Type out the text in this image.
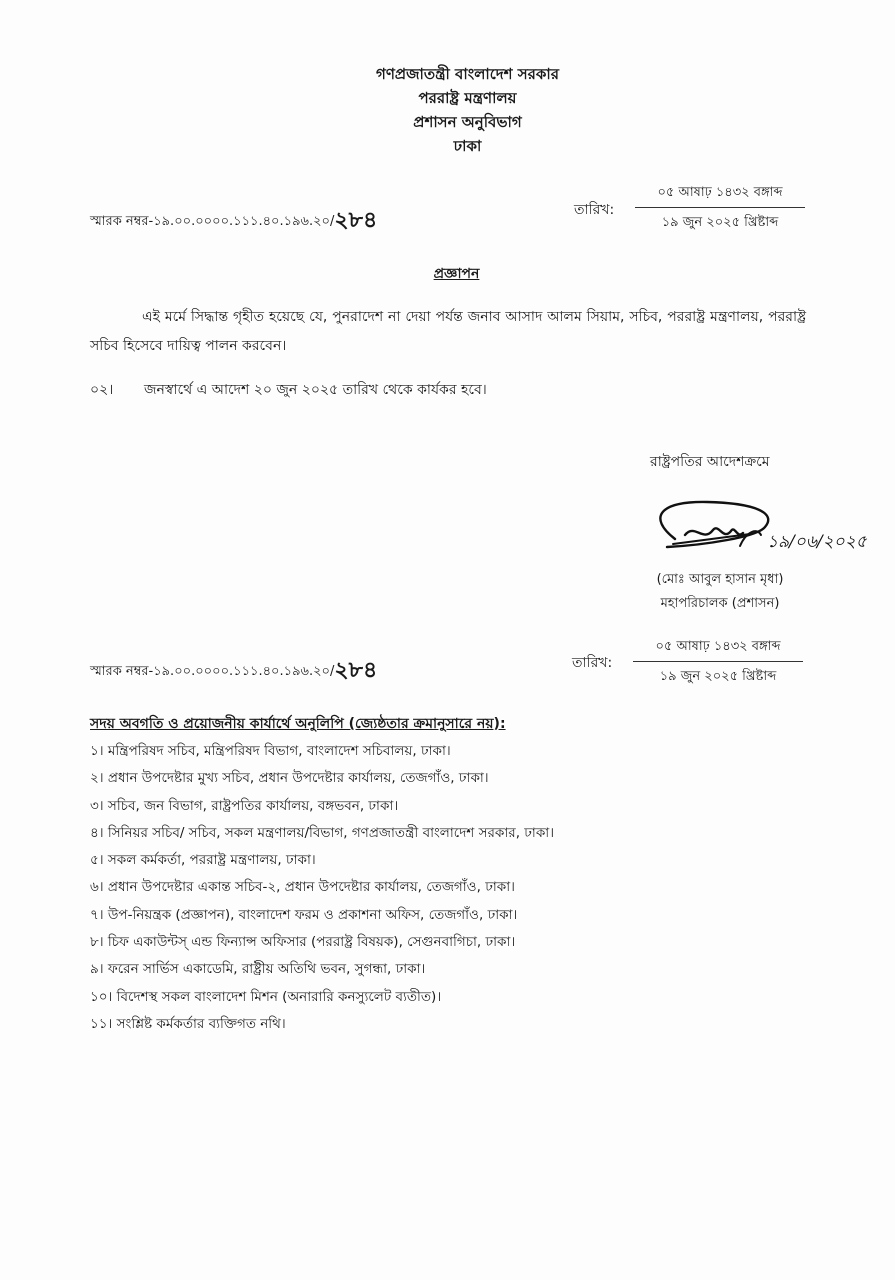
গণপ্রজাতন্ত্রী বাংলাদেশ সরকার
পররাষ্ট্র মন্ত্রণালয়
প্রশাসন অনুবিভাগ
ঢাকা
স্মারক নম্বর-১৯.০০.০০০০.১১১.৪০.১৯৬.২০/২৮৪	তারিখ:
০৫ আষাঢ় ১৪৩২ বঙ্গাব্দ
১৯ জুন ২০২৫ খ্রিষ্টাব্দ
প্রজ্ঞাপন
এই মর্মে সিদ্ধান্ত গৃহীত হয়েছে যে, পুনরাদেশ না দেয়া পর্যন্ত জনাব আসাদ আলম সিয়াম, সচিব, পররাষ্ট্র মন্ত্রণালয়, পররাষ্ট্র সচিব হিসেবে দায়িত্ব পালন করবেন।
০২। জনস্বার্থে এ আদেশ ২০ জুন ২০২৫ তারিখ থেকে কার্যকর হবে।
রাষ্ট্রপতির আদেশক্রমে
১৯/০৬/২০২৫
(মোঃ আবুল হাসান মৃধা)
মহাপরিচালক (প্রশাসন)
স্মারক নম্বর-১৯.০০.০০০০.১১১.৪০.১৯৬.২০/২৮৪	তারিখ:
০৫ আষাঢ় ১৪৩২ বঙ্গাব্দ
১৯ জুন ২০২৫ খ্রিষ্টাব্দ
সদয় অবগতি ও প্রয়োজনীয় কার্যার্থে অনুলিপি (জ্যেষ্ঠতার ক্রমানুসারে নয়):
১। মন্ত্রিপরিষদ সচিব, মন্ত্রিপরিষদ বিভাগ, বাংলাদেশ সচিবালয়, ঢাকা।
২। প্রধান উপদেষ্টার মুখ্য সচিব, প্রধান উপদেষ্টার কার্যালয়, তেজগাঁও, ঢাকা।
৩। সচিব, জন বিভাগ, রাষ্ট্রপতির কার্যালয়, বঙ্গভবন, ঢাকা।
৪। সিনিয়র সচিব/ সচিব, সকল মন্ত্রণালয়/বিভাগ, গণপ্রজাতন্ত্রী বাংলাদেশ সরকার, ঢাকা।
৫। সকল কর্মকর্তা, পররাষ্ট্র মন্ত্রণালয়, ঢাকা।
৬। প্রধান উপদেষ্টার একান্ত সচিব-২, প্রধান উপদেষ্টার কার্যালয়, তেজগাঁও, ঢাকা।
৭। উপ-নিয়ন্ত্রক (প্রজ্ঞাপন), বাংলাদেশ ফরম ও প্রকাশনা অফিস, তেজগাঁও, ঢাকা।
৮। চিফ একাউন্টস্ এন্ড ফিন্যান্স অফিসার (পররাষ্ট্র বিষয়ক), সেগুনবাগিচা, ঢাকা।
৯। ফরেন সার্ভিস একাডেমি, রাষ্ট্রীয় অতিথি ভবন, সুগন্ধা, ঢাকা।
১০। বিদেশস্থ সকল বাংলাদেশ মিশন (অনারারি কনস্যুলেট ব্যতীত)।
১১। সংশ্লিষ্ট কর্মকর্তার ব্যক্তিগত নথি।
